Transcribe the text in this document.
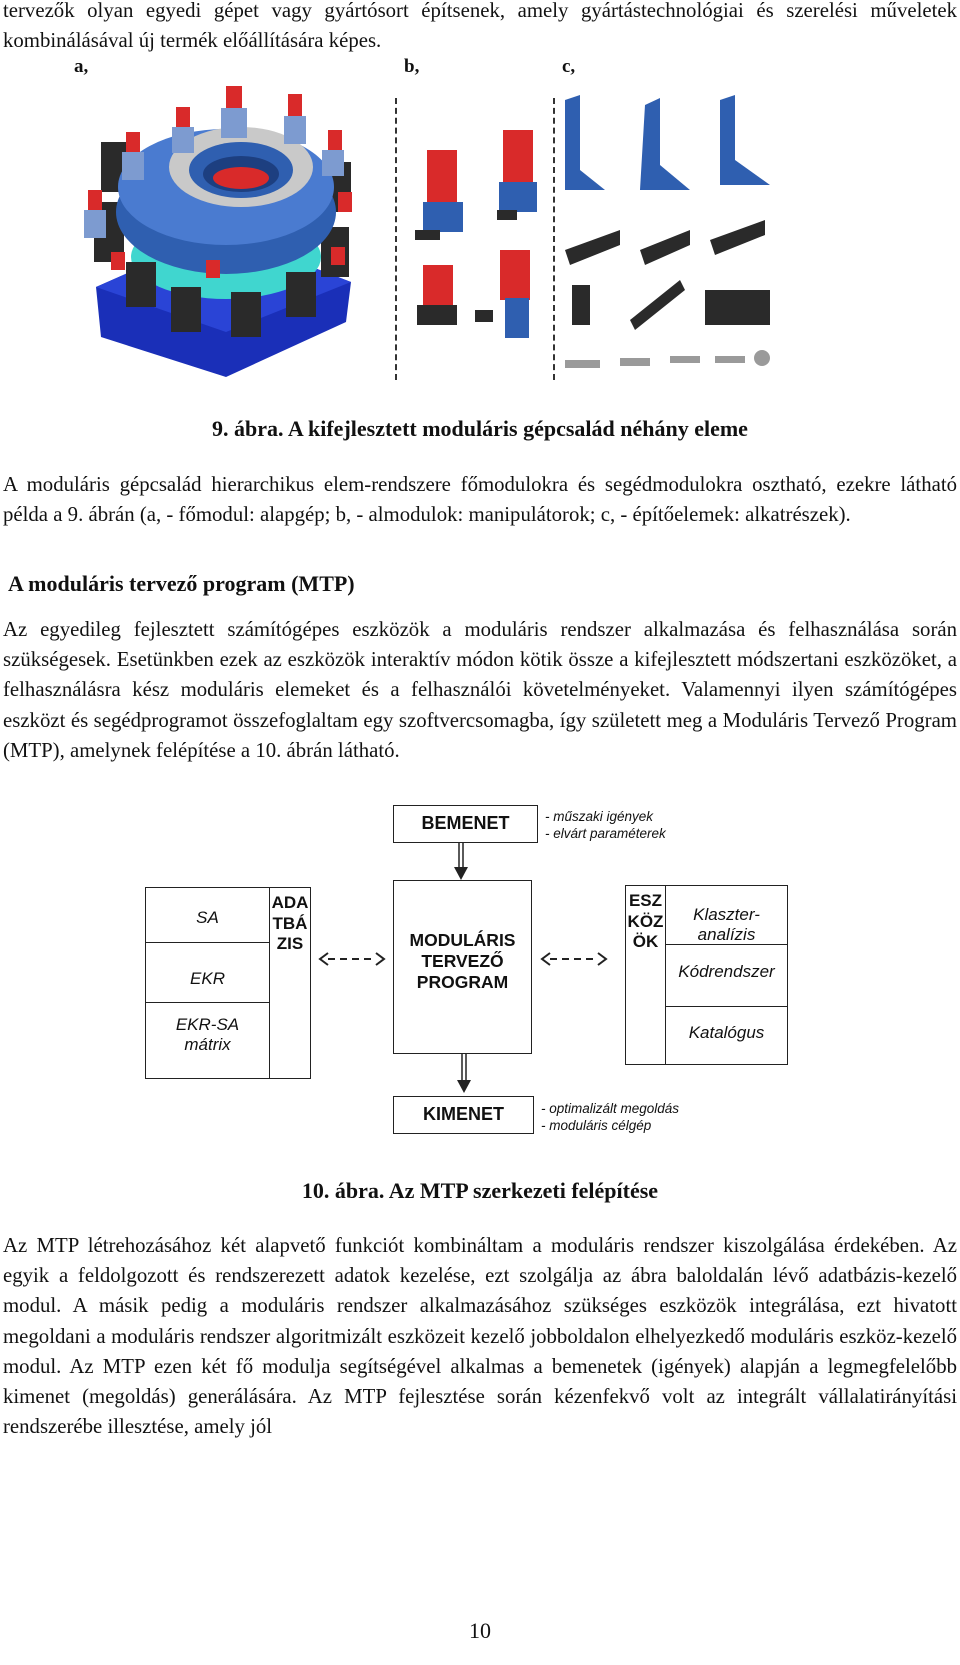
tervezők olyan egyedi gépet vagy gyártósort építsenek, amely gyártástechnológiai és szerelési műveletek kombinálásával új termék előállítására képes.
a,	b,	c,
9. ábra. A kifejlesztett moduláris gépcsalád néhány eleme
A moduláris gépcsalád hierarchikus elem-rendszere főmodulokra és segédmodulokra osztható, ezekre látható példa a 9. ábrán (a, - főmodul: alapgép; b, - almodulok: manipulátorok; c, - építőelemek: alkatrészek).
A moduláris tervező program (MTP)
Az egyedileg fejlesztett számítógépes eszközök a moduláris rendszer alkalmazása és felhasználása során szükségesek. Esetünkben ezek az eszközök interaktív módon kötik össze a kifejlesztett módszertani eszközöket, a felhasználásra kész moduláris elemeket és a felhasználói követelményeket. Valamennyi ilyen számítógépes eszközt és segédprogramot összefoglaltam egy szoftvercsomagba, így született meg a Moduláris Tervező Program (MTP), amelynek felépítése a 10. ábrán látható.
BEMENET	- műszaki igények
- elvárt paraméterek
SA
EKR
EKR-SA
mátrix
ADATBÁZIS	MODULÁRIS
TERVEZŐ
PROGRAM
ESZKÖZÖK
Klaszter-
analízis
Kódrendszer
Katalógus
KIMENET	- optimalizált megoldás
- moduláris célgép
10. ábra. Az MTP szerkezeti felépítése
Az MTP létrehozásához két alapvető funkciót kombináltam a moduláris rendszer kiszolgálása érdekében. Az egyik a feldolgozott és rendszerezett adatok kezelése, ezt szolgálja az ábra baloldalán lévő adatbázis-kezelő modul. A másik pedig a moduláris rendszer alkalmazásához szükséges eszközök integrálása, ezt hivatott megoldani a moduláris rendszer algoritmizált eszközeit kezelő jobboldalon elhelyezkedő moduláris eszköz-kezelő modul. Az MTP ezen két fő modulja segítségével alkalmas a bemenetek (igények) alapján a legmegfelelőbb kimenet (megoldás) generálására. Az MTP fejlesztése során kézenfekvő volt az integrált vállalatirányítási rendszerébe illesztése, amely jól
10
